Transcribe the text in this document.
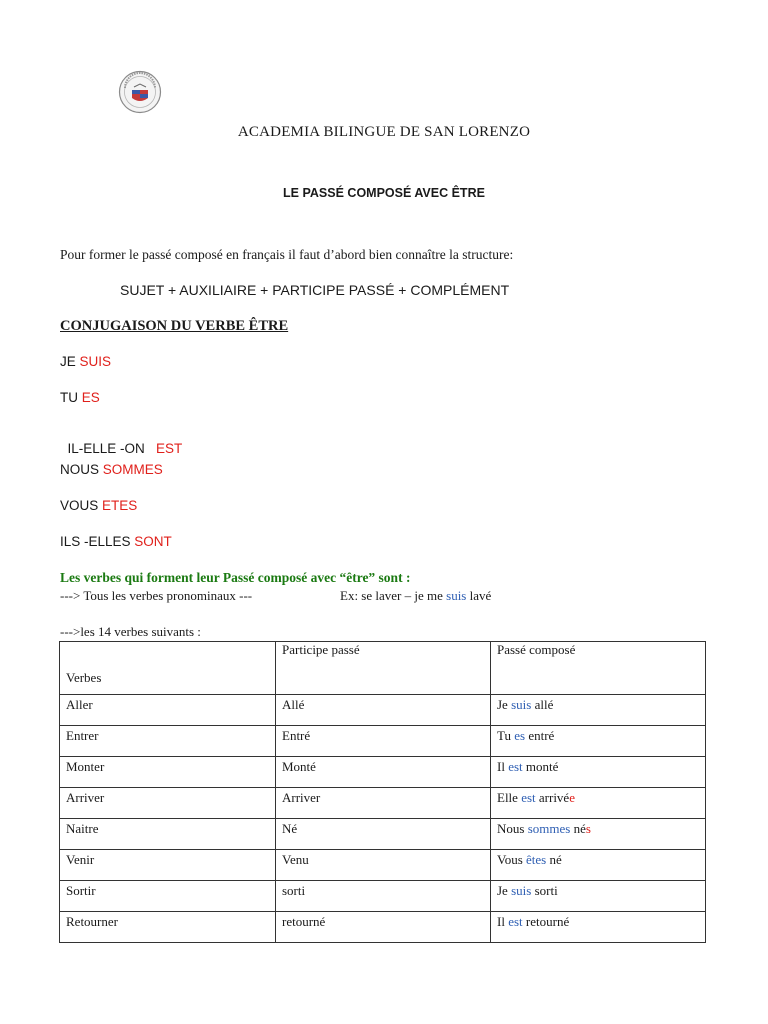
ACADEMIA BILINGUE DE SAN LORENZO
LE PASSÉ COMPOSÉ AVEC ÊTRE
Pour former le passé composé en français il faut d’abord bien connaître la structure:
SUJET + AUXILIAIRE + PARTICIPE PASSÉ + COMPLÉMENT
CONJUGAISON DU VERBE ÊTRE
JE SUIS
TU ES

IL-ELLE -ON   EST

NOUS SOMMES
VOUS ETES
ILS -ELLES SONT
Les verbes qui forment leur Passé composé avec “être” sont :
---> Tous les verbes pronominaux ---	Ex: se laver – je me suis lavé
--->les 14 verbes suivants :
Verbes	Participe passé	Passé composé
Aller	Allé	Je suis allé
Entrer	Entré	Tu es entré
Monter	Monté	Il est monté
Arriver	Arriver	Elle est arrivée
Naitre	Né	Nous sommes nés
Venir	Venu	Vous êtes né
Sortir	sorti	Je suis sorti
Retourner	retourné	Il est retourné
